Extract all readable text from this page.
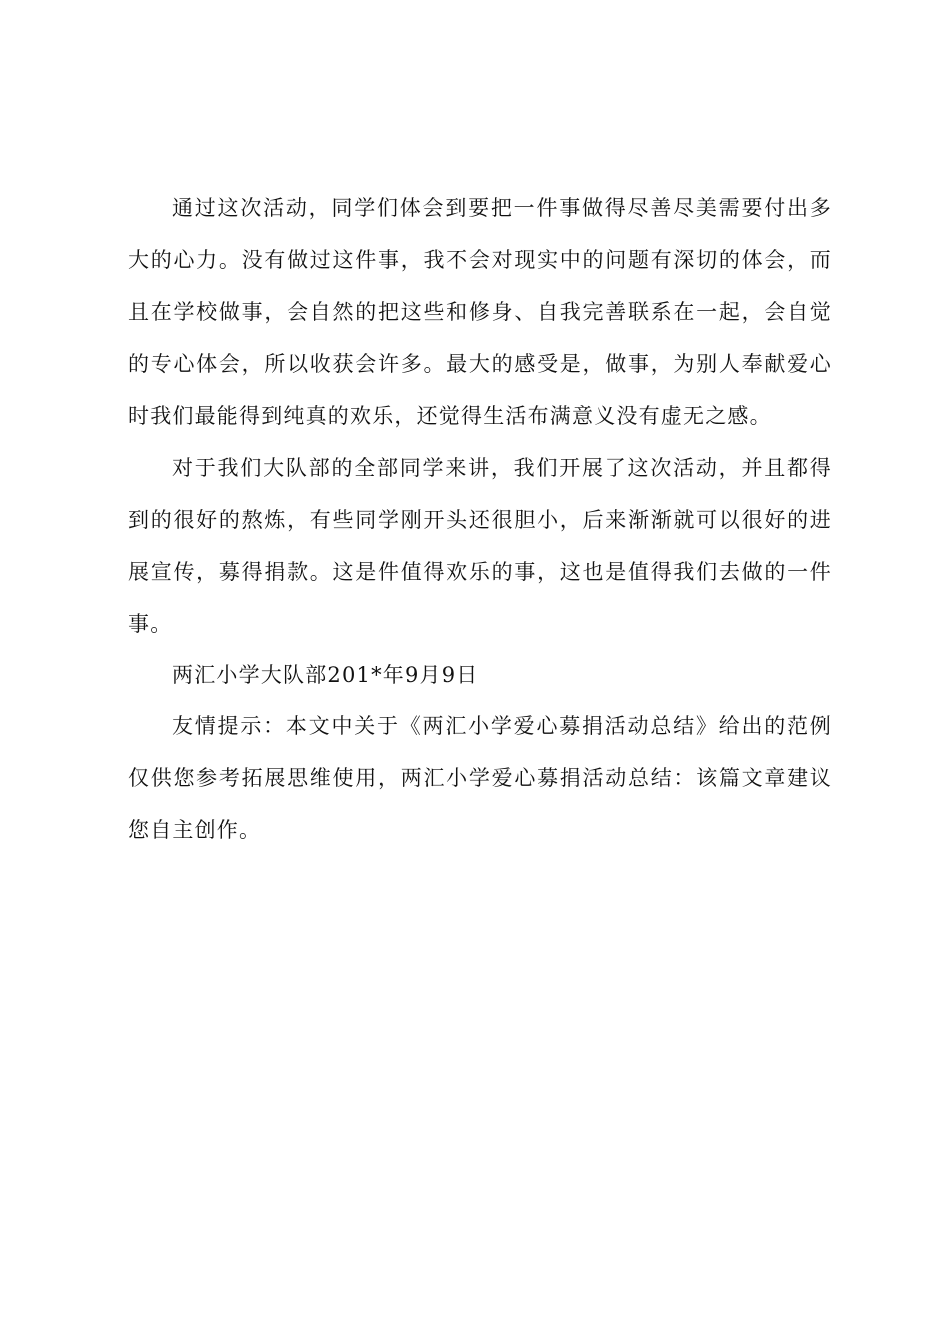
通过这次活动，同学们体会到要把一件事做得尽善尽美需要付出多大的心力。没有做过这件事，我不会对现实中的问题有深切的体会，而且在学校做事，会自然的把这些和修身、自我完善联系在一起，会自觉的专心体会，所以收获会许多。最大的感受是，做事，为别人奉献爱心时我们最能得到纯真的欢乐，还觉得生活布满意义没有虚无之感。

对于我们大队部的全部同学来讲，我们开展了这次活动，并且都得到的很好的熬炼，有些同学刚开头还很胆小，后来渐渐就可以很好的进展宣传，募得捐款。这是件值得欢乐的事，这也是值得我们去做的一件事。

两汇小学大队部201*年9月9日

友情提示：本文中关于《两汇小学爱心募捐活动总结》给出的范例仅供您参考拓展思维使用，两汇小学爱心募捐活动总结：该篇文章建议您自主创作。
